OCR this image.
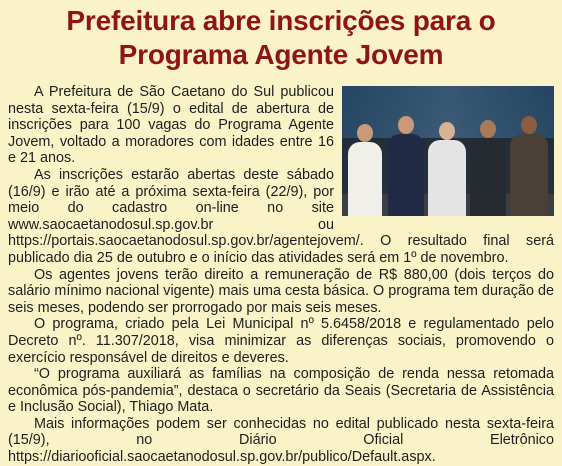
Prefeitura abre inscrições para o
Programa Agente Jovem

A Prefeitura de São Caetano do Sul publicou nesta sexta-feira (15/9) o edital de abertura de inscrições para 100 vagas do Programa Agente Jovem, voltado a moradores com idades entre 16 e 21 anos.

As inscrições estarão abertas deste sábado (16/9) e irão até a próxima sexta-feira (22/9), por meio do cadastro on-line no site www.saocaetanodosul.sp.gov.br ou https://portais.saocaetanodosul.sp.gov.br/agentejovem/. O resultado final será publicado dia 25 de outubro e o início das atividades será em 1º de novembro.

Os agentes jovens terão direito a remuneração de R$ 880,00 (dois terços do salário mínimo nacional vigente) mais uma cesta básica. O programa tem duração de seis meses, podendo ser prorrogado por mais seis meses.

O programa, criado pela Lei Municipal nº 5.6458/2018 e regulamentado pelo Decreto nº. 11.307/2018, visa minimizar as diferenças sociais, promovendo o exercício responsável de direitos e deveres.

“O programa auxiliará as famílias na composição de renda nessa retomada econômica pós-pandemia”, destaca o secretário da Seais (Secretaria de Assistência e Inclusão Social), Thiago Mata.

Mais informações podem ser conhecidas no edital publicado nesta sexta-feira (15/9), no Diário Oficial Eletrônico https://diariooficial.saocaetanodosul.sp.gov.br/publico/Default.aspx.
